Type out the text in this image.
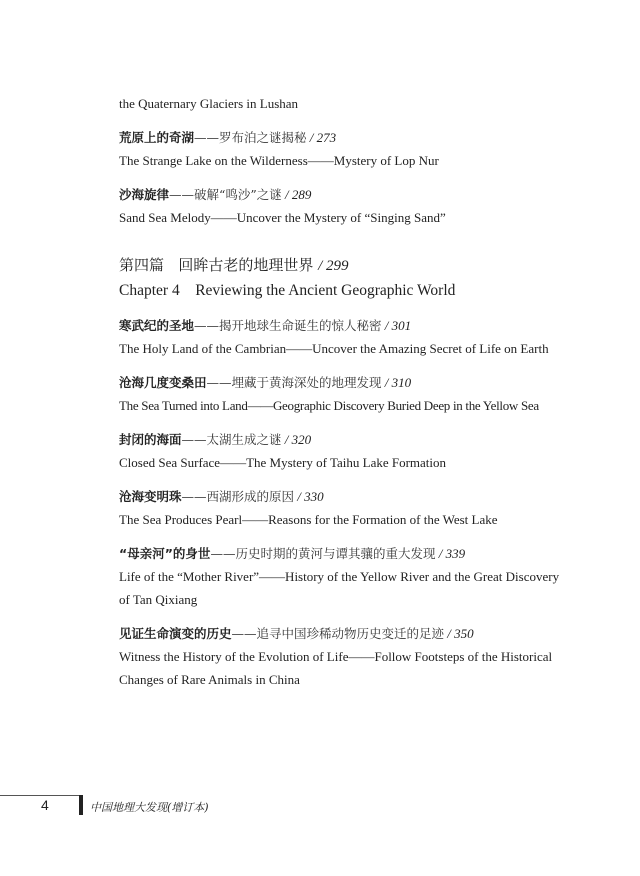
the Quaternary Glaciers in Lushan
荒原上的奇湖——罗布泊之谜揭秘 / 273
The Strange Lake on the Wilderness——Mystery of Lop Nur
沙海旋律——破解“鸣沙”之谜 / 289
Sand Sea Melody——Uncover the Mystery of “Singing Sand”
第四篇 回眸古老的地理世界 / 299
Chapter 4 Reviewing the Ancient Geographic World
寒武纪的圣地——揭开地球生命诞生的惊人秘密 / 301
The Holy Land of the Cambrian——Uncover the Amazing Secret of Life on Earth
沧海几度变桑田——埋藏于黄海深处的地理发现 / 310
The Sea Turned into Land——Geographic Discovery Buried Deep in the Yellow Sea
封闭的海面——太湖生成之谜 / 320
Closed Sea Surface——The Mystery of Taihu Lake Formation
沧海变明珠——西湖形成的原因 / 330
The Sea Produces Pearl——Reasons for the Formation of the West Lake
“母亲河”的身世——历史时期的黄河与谭其骧的重大发现 / 339
Life of the “Mother River”——History of the Yellow River and the Great Discovery
of Tan Qixiang
见证生命演变的历史——追寻中国珍稀动物历史变迁的足迹 / 350
Witness the History of the Evolution of Life——Follow Footsteps of the Historical
Changes of Rare Animals in China
4	中国地理大发现(增订本)
